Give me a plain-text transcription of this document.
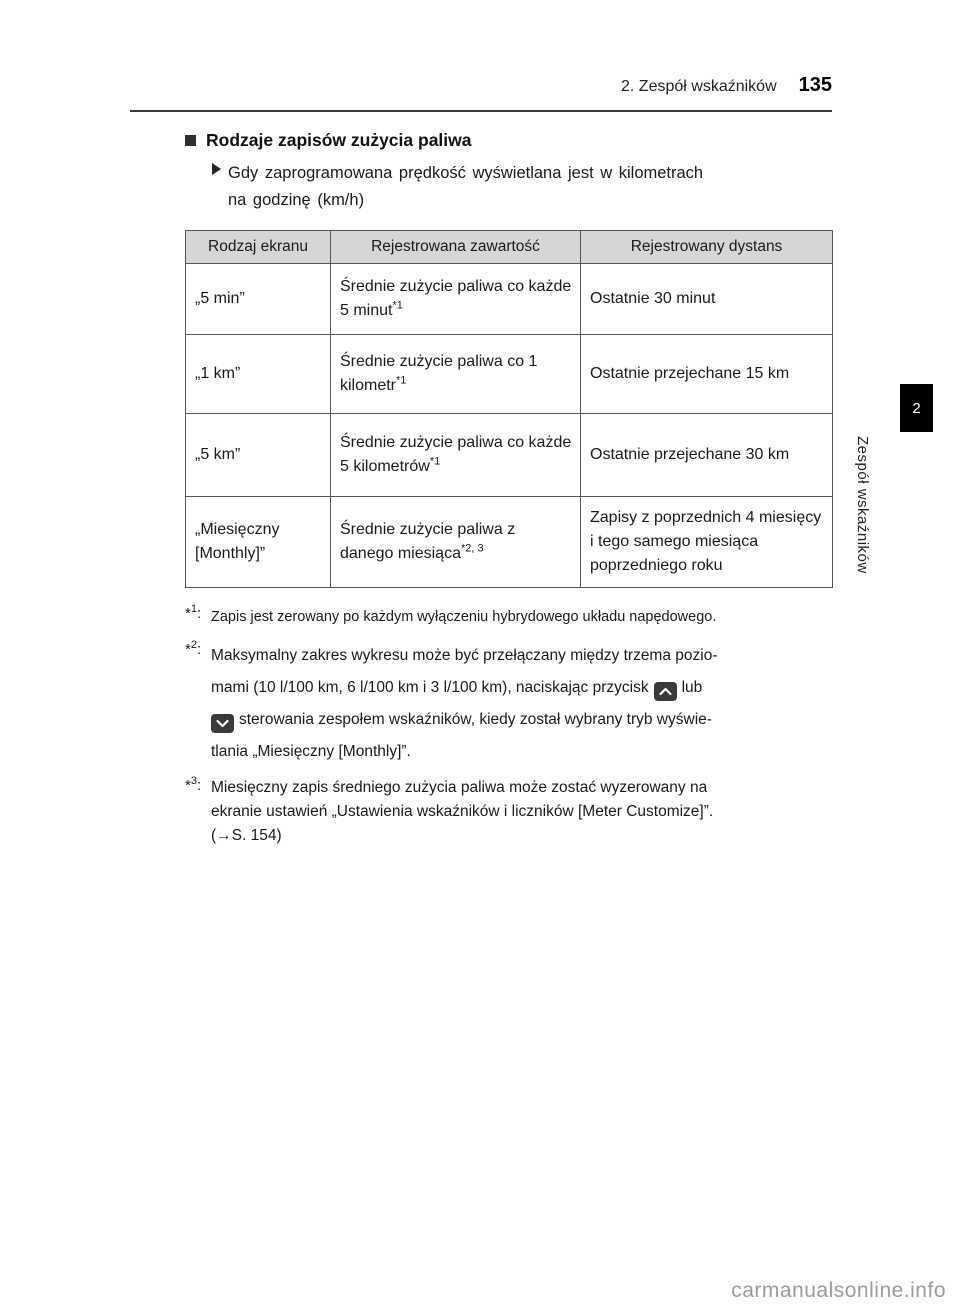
2. Zespół wskaźników 135
Rodzaje zapisów zużycia paliwa

Gdy zaprogramowana prędkość wyświetlana jest w kilometrach
na godzinę (km/h)

Rodzaj ekranu	Rejestrowana zawartość	Rejestrowany dystans
„5 min”	Średnie zużycie paliwa co każde 5 minut$^{*1}$	Ostatnie 30 minut
„1 km”	Średnie zużycie paliwa co 1 kilometr$^{*1}$	Ostatnie przejechane 15 km
„5 km”	Średnie zużycie paliwa co każde 5 kilometrów$^{*1}$	Ostatnie przejechane 30 km
„Miesięczny [Monthly]”	Średnie zużycie paliwa z danego miesiąca$^{*2, 3}$	Zapisy z poprzednich 4 miesięcy i tego samego miesiąca poprzedniego roku
*$^1$: Zapis jest zerowany po każdym wyłączeniu hybrydowego układu napędowego.
*$^2$: Maksymalny zakres wykresu może być przełączany między trzema pozio-
mami (10 l/100 km, 6 l/100 km i 3 l/100 km), naciskając przycisk lub

sterowania zespołem wskaźników, kiedy został wybrany tryb wyświe-
tlania „Miesięczny [Monthly]”.
*$^3$: Miesięczny zapis średniego zużycia paliwa może zostać wyzerowany na
ekranie ustawień „Ustawienia wskaźników i liczników [Meter Customize]”.
(→S. 154)
2
Zespół wskaźników
carmanualsonline.info
